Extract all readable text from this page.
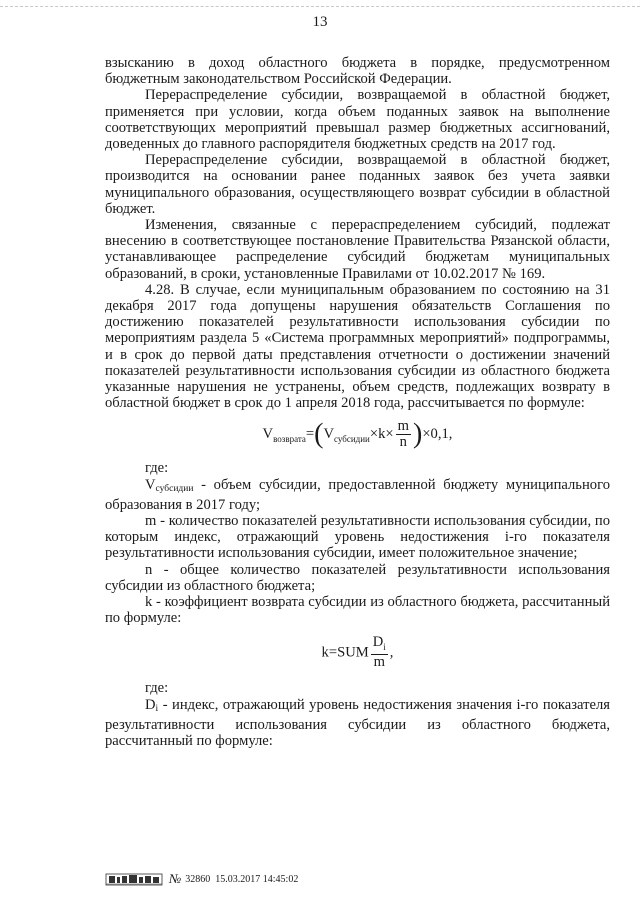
13

взысканию в доход областного бюджета в порядке, предусмотренном бюджетным законодательством Российской Федерации.

Перераспределение субсидии, возвращаемой в областной бюджет, применяется при условии, когда объем поданных заявок на выполнение соответствующих мероприятий превышал размер бюджетных ассигнований, доведенных до главного распорядителя бюджетных средств на 2017 год.

Перераспределение субсидии, возвращаемой в областной бюджет, производится на основании ранее поданных заявок без учета заявки муниципального образования, осуществляющего возврат субсидии в областной бюджет.

Изменения, связанные с перераспределением субсидий, подлежат внесению в соответствующее постановление Правительства Рязанской области, устанавливающее распределение субсидий бюджетам муниципальных образований, в сроки, установленные Правилами от 10.02.2017 № 169.

4.28. В случае, если муниципальным образованием по состоянию на 31 декабря 2017 года допущены нарушения обязательств Соглашения по достижению показателей результативности использования субсидии по мероприятиям раздела 5 «Система программных мероприятий» подпрограммы, и в срок до первой даты представления отчетности о достижении значений показателей результативности использования субсидии из областного бюджета указанные нарушения не устранены, объем средств, подлежащих возврату в областной бюджет в срок до 1 апреля 2018 года, рассчитывается по формуле:

$V_{возврата}=(V_{субсидии}\times k\times \frac{m}{n} )\times 0,1$,

где:

Vсубсидии - объем субсидии, предоставленной бюджету муниципального образования в 2017 году;

m - количество показателей результативности использования субсидии, по которым индекс, отражающий уровень недостижения i-го показателя результативности использования субсидии, имеет положительное значение;

n - общее количество показателей результативности использования субсидии из областного бюджета;

k - коэффициент возврата субсидии из областного бюджета, рассчитанный по формуле:

$k=SUM \frac{D_i}{m}$ ,

где:

Di - индекс, отражающий уровень недостижения значения i-го показателя результативности использования субсидии из областного бюджета, рассчитанный по формуле:

№ 32860
15.03.2017 14:45:02
